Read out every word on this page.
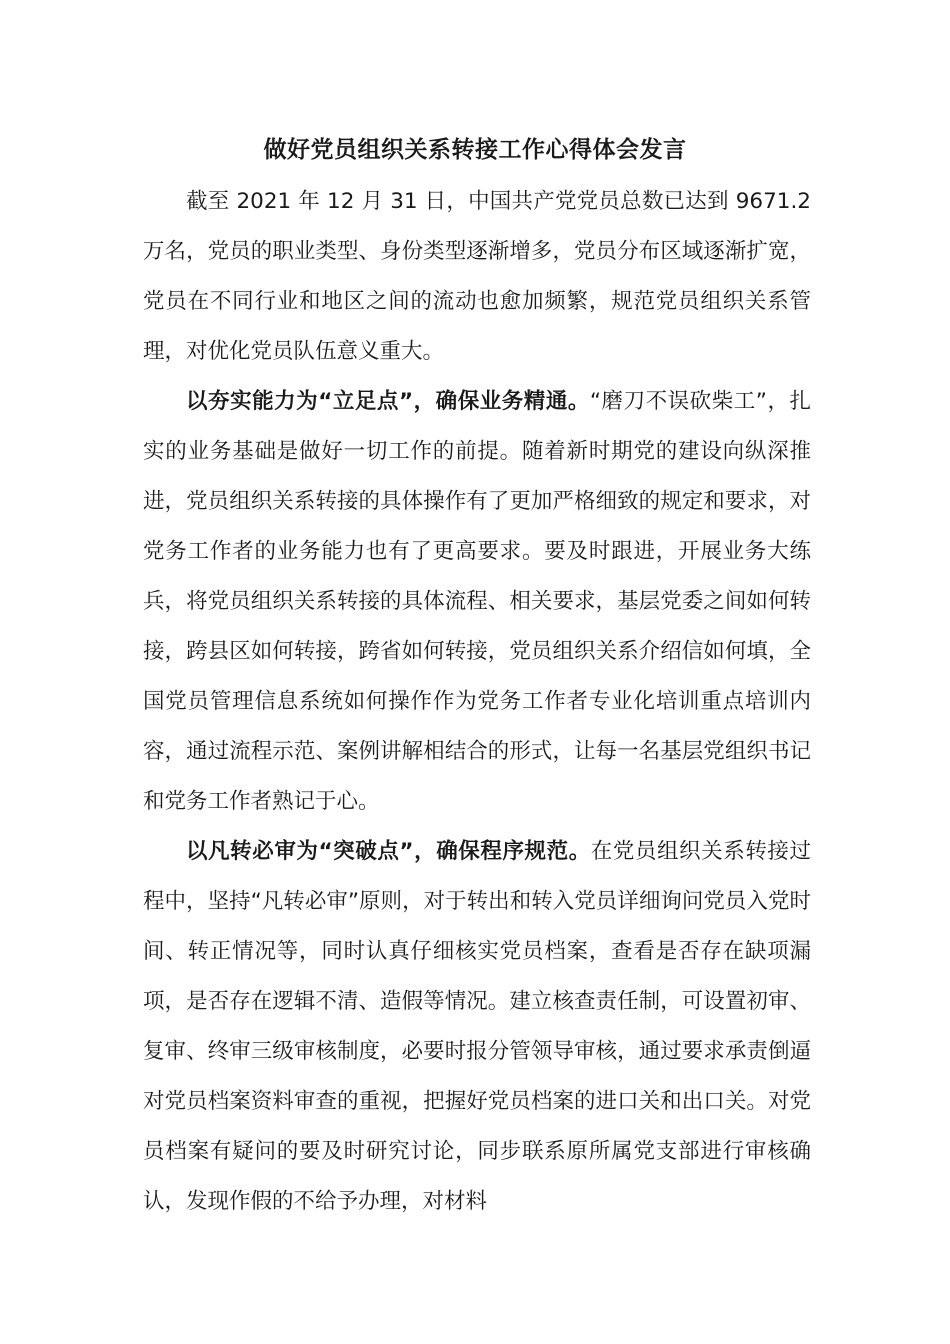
做好党员组织关系转接工作心得体会发言

截至 2021 年 12 月 31 日，中国共产党党员总数已达到 9671.2 万名，党员的职业类型、身份类型逐渐增多，党员分布区域逐渐扩宽，党员在不同行业和地区之间的流动也愈加频繁，规范党员组织关系管理，对优化党员队伍意义重大。

以夯实能力为“立足点”，确保业务精通。“磨刀不误砍柴工”，扎实的业务基础是做好一切工作的前提。随着新时期党的建设向纵深推进，党员组织关系转接的具体操作有了更加严格细致的规定和要求，对党务工作者的业务能力也有了更高要求。要及时跟进，开展业务大练兵，将党员组织关系转接的具体流程、相关要求，基层党委之间如何转接，跨县区如何转接，跨省如何转接，党员组织关系介绍信如何填，全国党员管理信息系统如何操作作为党务工作者专业化培训重点培训内容，通过流程示范、案例讲解相结合的形式，让每一名基层党组织书记和党务工作者熟记于心。

以凡转必审为“突破点”，确保程序规范。在党员组织关系转接过程中，坚持“凡转必审”原则，对于转出和转入党员详细询问党员入党时间、转正情况等，同时认真仔细核实党员档案，查看是否存在缺项漏项，是否存在逻辑不清、造假等情况。建立核查责任制，可设置初审、复审、终审三级审核制度，必要时报分管领导审核，通过要求承责倒逼对党员档案资料审查的重视，把握好党员档案的进口关和出口关。对党员档案有疑问的要及时研究讨论，同步联系原所属党支部进行审核确认，发现作假的不给予办理，对材料
